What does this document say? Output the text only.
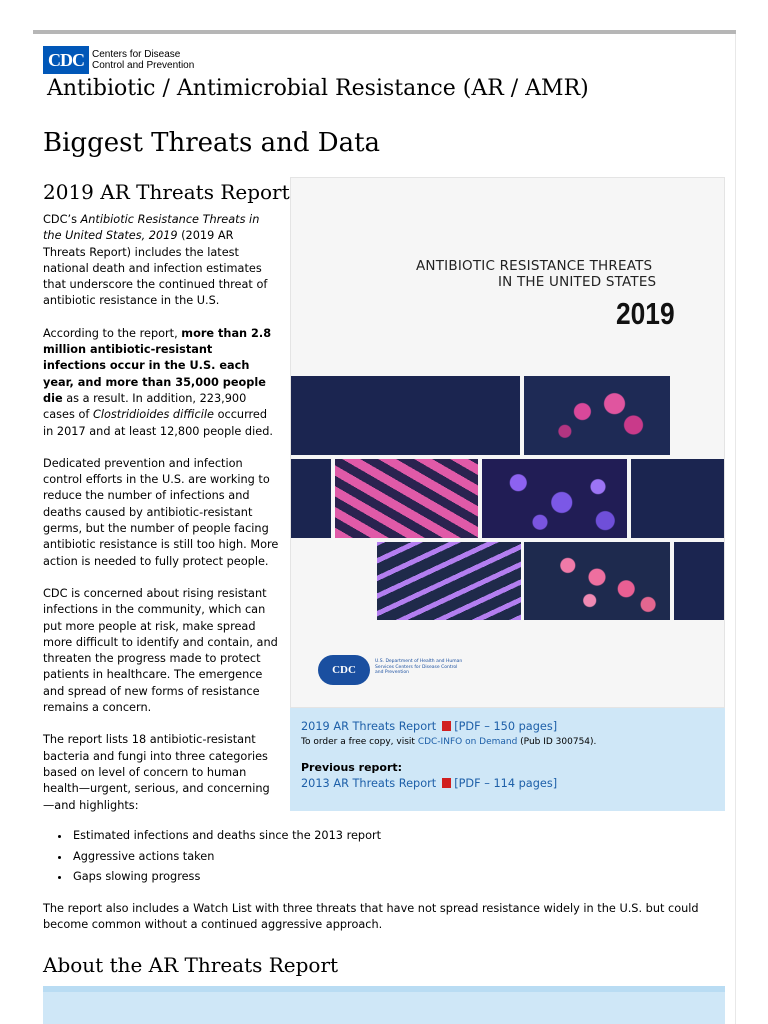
CDC Centers for Disease
Control and Prevention
Antibiotic / Antimicrobial Resistance (AR / AMR)
Biggest Threats and Data
2019 AR Threats Report

CDC’s Antibiotic Resistance Threats in the United States, 2019 (2019 AR Threats Report) includes the latest national death and infection estimates that underscore the continued threat of antibiotic resistance in the U.S.

According to the report, more than 2.8 million antibiotic-resistant infections occur in the U.S. each year, and more than 35,000 people die as a result. In addition, 223,900 cases of Clostridioides difficile occurred in 2017 and at least 12,800 people died.

Dedicated prevention and infection control efforts in the U.S. are working to reduce the number of infections and deaths caused by antibiotic-resistant germs, but the number of people facing antibiotic resistance is still too high. More action is needed to fully protect people.

CDC is concerned about rising resistant infections in the community, which can put more people at risk, make spread more difficult to identify and contain, and threaten the progress made to protect patients in healthcare. The emergence and spread of new forms of resistance remains a concern.

The report lists 18 antibiotic-resistant bacteria and fungi into three categories based on level of concern to human health—urgent, serious, and concerning—and highlights:

ANTIBIOTIC RESISTANCE THREATS
IN THE UNITED STATES
2019
CDC
U.S. Department of Health and Human Services Centers for Disease Control and Prevention
2019 AR Threats Report [PDF – 150 pages]
To order a free copy, visit CDC-INFO on Demand (Pub ID 300754).
Previous report:
2013 AR Threats Report [PDF – 114 pages]
• Estimated infections and deaths since the 2013 report
• Aggressive actions taken
• Gaps slowing progress
The report also includes a Watch List with three threats that have not spread resistance widely in the U.S. but could become common without a continued aggressive approach.
About the AR Threats Report
